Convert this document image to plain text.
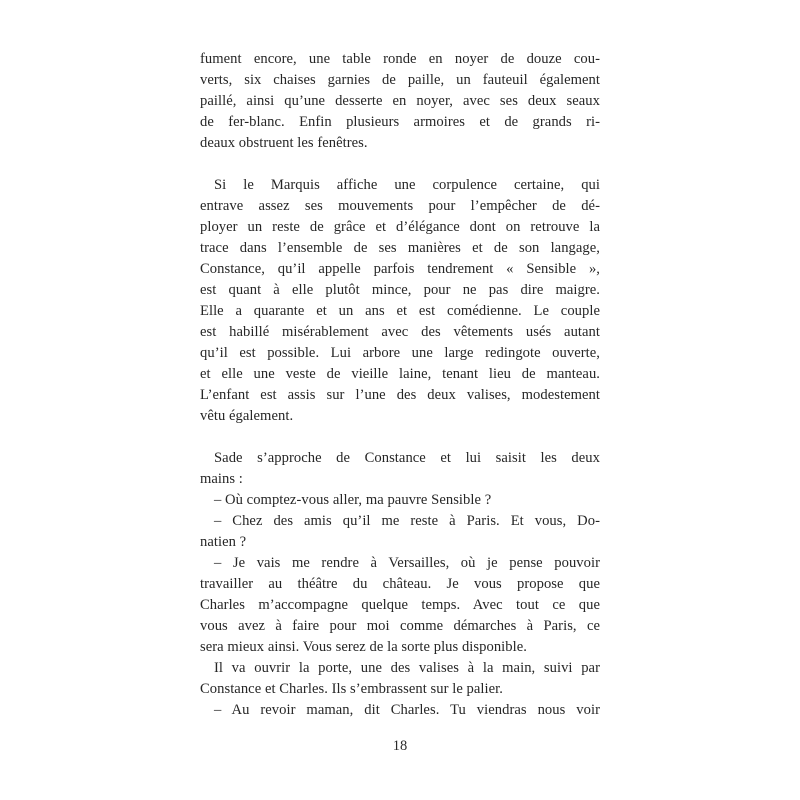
fument encore, une table ronde en noyer de douze cou-
verts, six chaises garnies de paille, un fauteuil également
paillé, ainsi qu’une desserte en noyer, avec ses deux seaux
de fer-blanc. Enfin plusieurs armoires et de grands ri-
deaux obstruent les fenêtres.
Si le Marquis affiche une corpulence certaine, qui
entrave assez ses mouvements pour l’empêcher de dé-
ployer un reste de grâce et d’élégance dont on retrouve la
trace dans l’ensemble de ses manières et de son langage,
Constance, qu’il appelle parfois tendrement « Sensible »,
est quant à elle plutôt mince, pour ne pas dire maigre.
Elle a quarante et un ans et est comédienne. Le couple
est habillé misérablement avec des vêtements usés autant
qu’il est possible. Lui arbore une large redingote ouverte,
et elle une veste de vieille laine, tenant lieu de manteau.
L’enfant est assis sur l’une des deux valises, modestement
vêtu également.
Sade s’approche de Constance et lui saisit les deux
mains :
– Où comptez-vous aller, ma pauvre Sensible ?
– Chez des amis qu’il me reste à Paris. Et vous, Do-
natien ?
– Je vais me rendre à Versailles, où je pense pouvoir
travailler au théâtre du château. Je vous propose que
Charles m’accompagne quelque temps. Avec tout ce que
vous avez à faire pour moi comme démarches à Paris, ce
sera mieux ainsi. Vous serez de la sorte plus disponible.
Il va ouvrir la porte, une des valises à la main, suivi par
Constance et Charles. Ils s’embrassent sur le palier.
– Au revoir maman, dit Charles. Tu viendras nous voir
18
